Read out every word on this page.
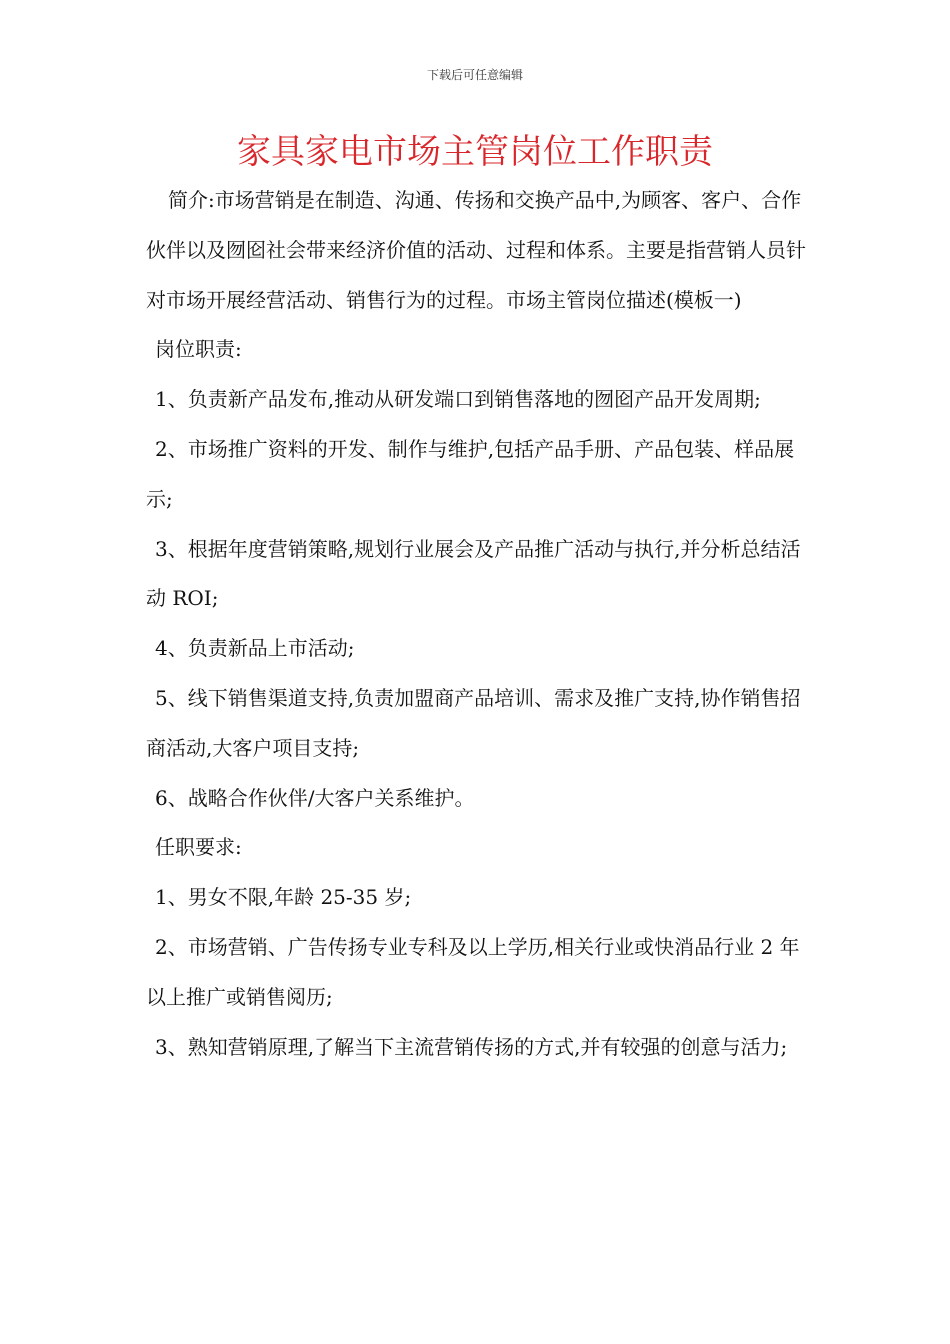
下载后可任意编辑
家具家电市场主管岗位工作职责

简介:市场营销是在制造、沟通、传扬和交换产品中,为顾客、客户、合作伙伴以及囫囵社会带来经济价值的活动、过程和体系。主要是指营销人员针对市场开展经营活动、销售行为的过程。市场主管岗位描述(模板一)

岗位职责:

1、负责新产品发布,推动从研发端口到销售落地的囫囵产品开发周期;

2、市场推广资料的开发、制作与维护,包括产品手册、产品包装、样品展示;

3、根据年度营销策略,规划行业展会及产品推广活动与执行,并分析总结活动 ROI;

4、负责新品上市活动;

5、线下销售渠道支持,负责加盟商产品培训、需求及推广支持,协作销售招商活动,大客户项目支持;

6、战略合作伙伴/大客户关系维护。

任职要求:

1、男女不限,年龄 25-35 岁;

2、市场营销、广告传扬专业专科及以上学历,相关行业或快消品行业 2 年以上推广或销售阅历;

3、熟知营销原理,了解当下主流营销传扬的方式,并有较强的创意与活力;
